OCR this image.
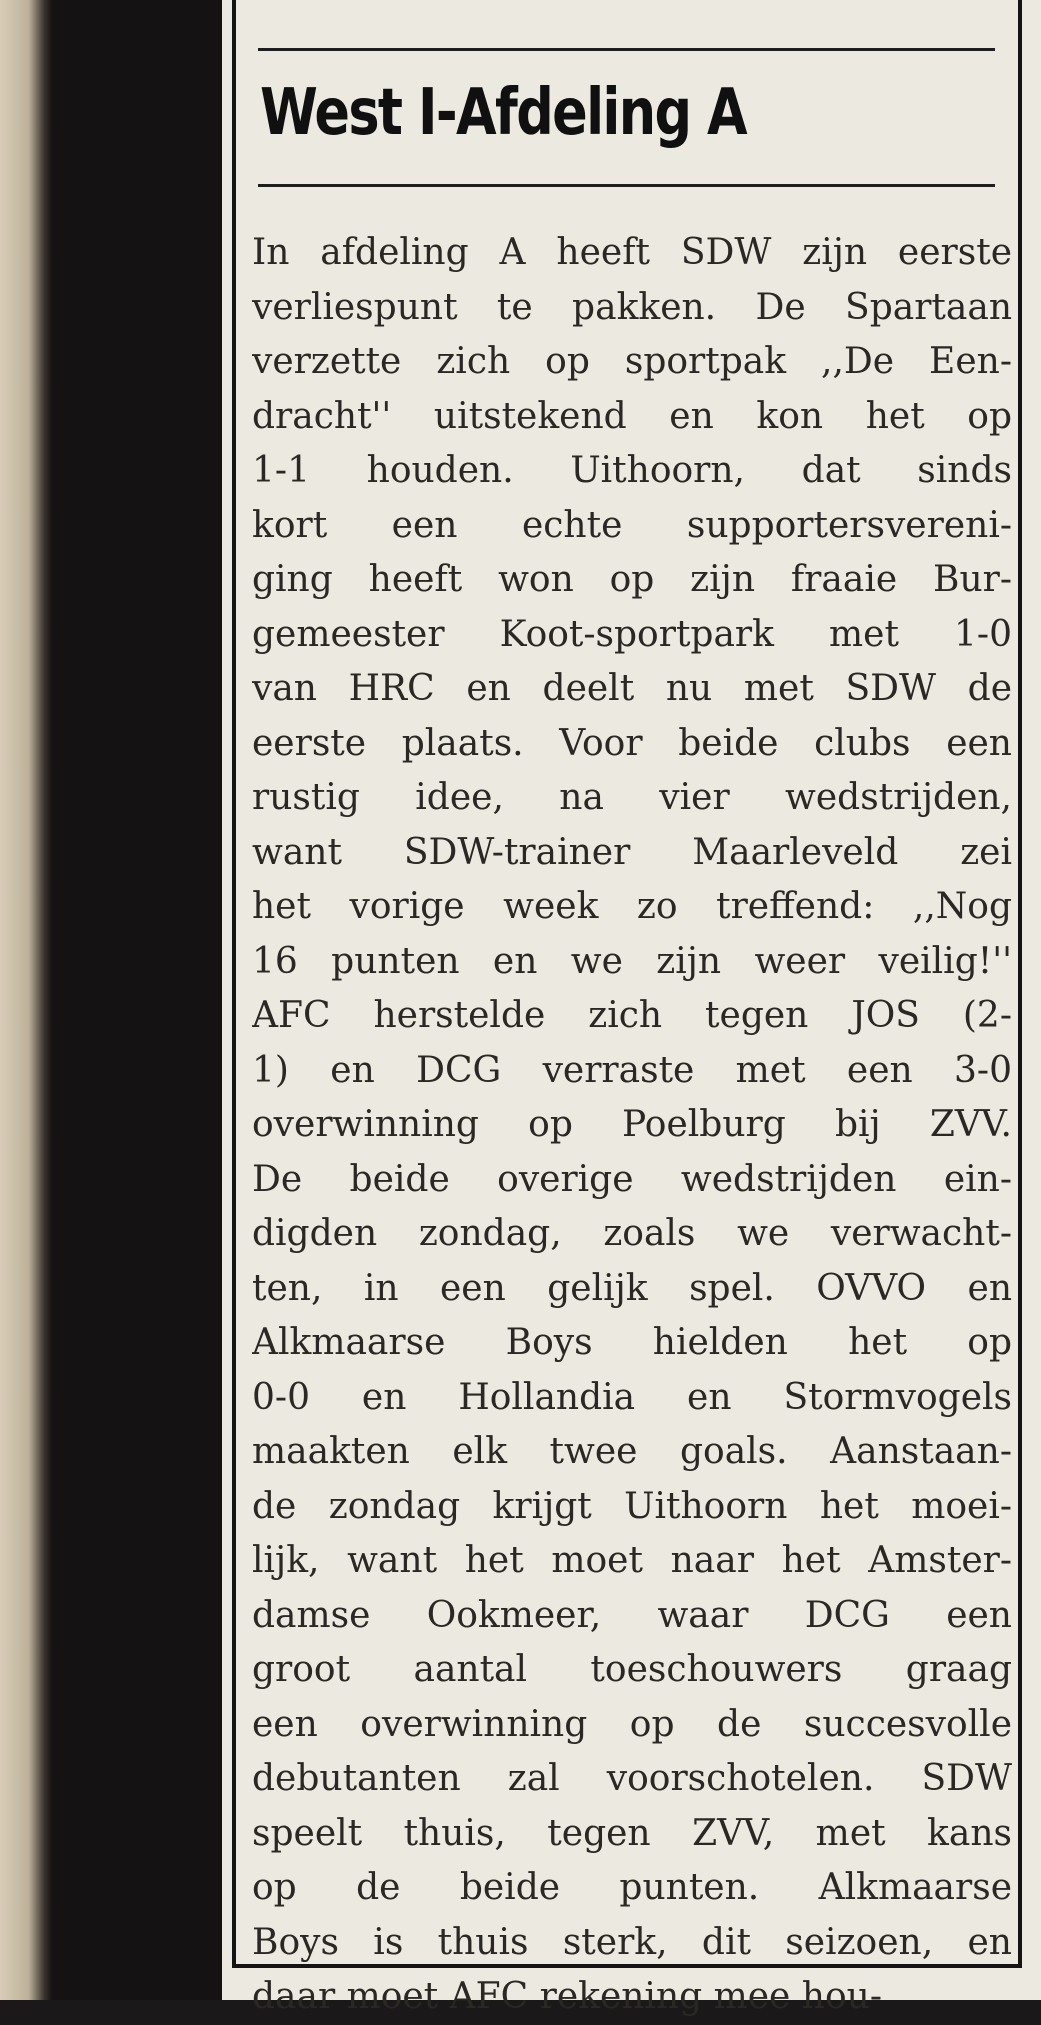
West I-Afdeling A
In afdeling A heeft SDW zijn eerste
verliespunt te pakken. De Spartaan
verzette zich op sportpak ,,De Een-
dracht'' uitstekend en kon het op
1-1 houden. Uithoorn, dat sinds
kort een echte supportersvereni-
ging heeft won op zijn fraaie Bur-
gemeester Koot-sportpark met 1-0
van HRC en deelt nu met SDW de
eerste plaats. Voor beide clubs een
rustig idee, na vier wedstrijden,
want SDW-trainer Maarleveld zei
het vorige week zo treffend: ,,Nog
16 punten en we zijn weer veilig!''
AFC herstelde zich tegen JOS (2-
1) en DCG verraste met een 3-0
overwinning op Poelburg bij ZVV.
De beide overige wedstrijden ein-
digden zondag, zoals we verwacht-
ten, in een gelijk spel. OVVO en
Alkmaarse Boys hielden het op
0-0 en Hollandia en Stormvogels
maakten elk twee goals. Aanstaan-
de zondag krijgt Uithoorn het moei-
lijk, want het moet naar het Amster-
damse Ookmeer, waar DCG een
groot aantal toeschouwers graag
een overwinning op de succesvolle
debutanten zal voorschotelen. SDW
speelt thuis, tegen ZVV, met kans
op de beide punten. Alkmaarse
Boys is thuis sterk, dit seizoen, en
daar moet AFC rekening mee hou-
